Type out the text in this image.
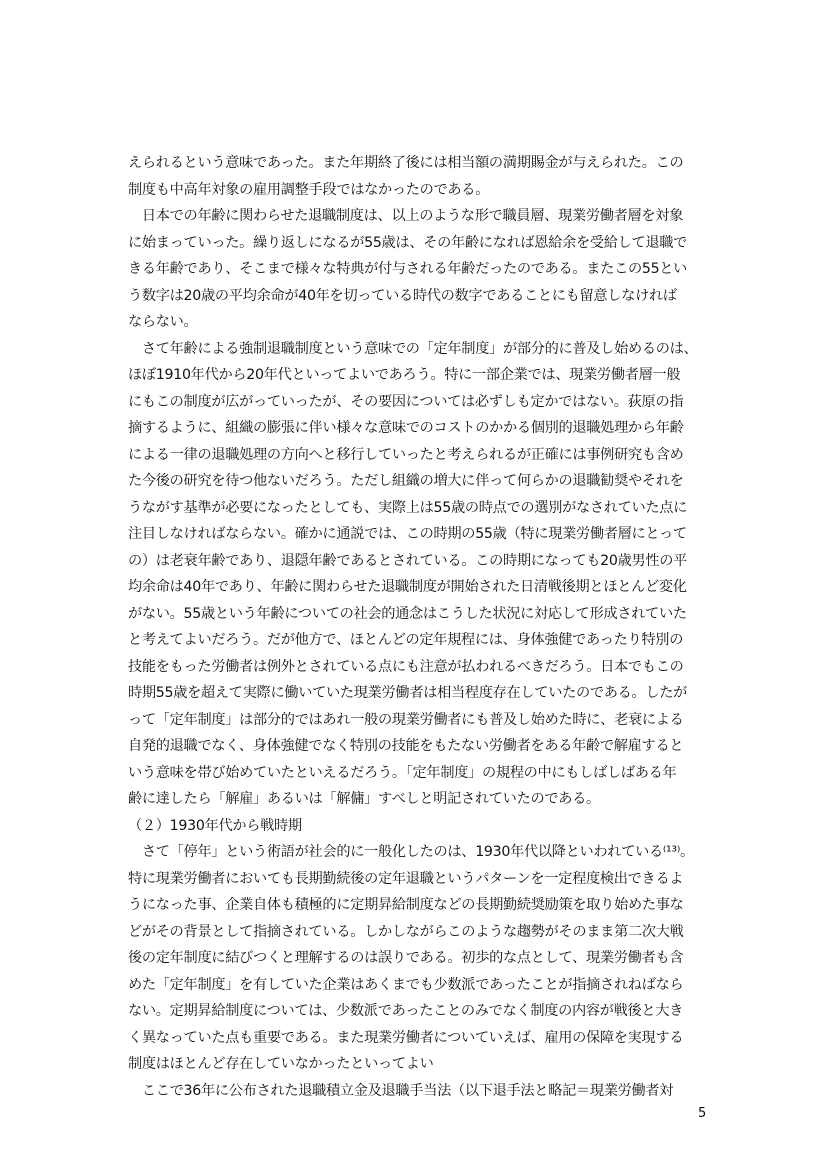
えられるという意味であった。また年期終了後には相当額の満期賜金が与えられた。この
制度も中高年対象の雇用調整手段ではなかったのである。
　日本での年齢に関わらせた退職制度は、以上のような形で職員層、現業労働者層を対象
に始まっていった。繰り返しになるが55歳は、その年齢になれば恩給余を受給して退職で
きる年齢であり、そこまで様々な特典が付与される年齢だったのである。またこの55とい
う数字は20歳の平均余命が40年を切っている時代の数字であることにも留意しなければ
ならない。
　さて年齢による強制退職制度という意味での「定年制度」が部分的に普及し始めるのは、
ほぼ1910年代から20年代といってよいであろう。特に一部企業では、現業労働者層一般
にもこの制度が広がっていったが、その要因については必ずしも定かではない。荻原の指
摘するように、組織の膨張に伴い様々な意味でのコストのかかる個別的退職処理から年齢
による一律の退職処理の方向へと移行していったと考えられるが正確には事例研究も含め
た今後の研究を待つ他ないだろう。ただし組織の増大に伴って何らかの退職勧奨やそれを
うながす基準が必要になったとしても、実際上は55歳の時点での選別がなされていた点に
注目しなければならない。確かに通説では、この時期の55歳（特に現業労働者層にとって
の）は老衰年齢であり、退隠年齢であるとされている。この時期になっても20歳男性の平
均余命は40年であり、年齢に関わらせた退職制度が開始された日清戦後期とほとんど変化
がない。55歳という年齢についての社会的通念はこうした状況に対応して形成されていた
と考えてよいだろう。だが他方で、ほとんどの定年規程には、身体強健であったり特別の
技能をもった労働者は例外とされている点にも注意が払われるべきだろう。日本でもこの
時期55歳を超えて実際に働いていた現業労働者は相当程度存在していたのである。したが
って「定年制度」は部分的ではあれ一般の現業労働者にも普及し始めた時に、老衰による
自発的退職でなく、身体強健でなく特別の技能をもたない労働者をある年齢で解雇すると
いう意味を帯び始めていたといえるだろう。「定年制度」の規程の中にもしばしばある年
齢に達したら「解雇」あるいは「解傭」すべしと明記されていたのである。
（２）1930年代から戦時期
　さて「停年」という術語が社会的に一般化したのは、1930年代以降といわれている⁽¹³⁾。
特に現業労働者においても長期勤続後の定年退職というパターンを一定程度検出できるよ
うになった事、企業自体も積極的に定期昇給制度などの長期勤続奨励策を取り始めた事な
どがその背景として指摘されている。しかしながらこのような趨勢がそのまま第二次大戦
後の定年制度に結びつくと理解するのは誤りである。初歩的な点として、現業労働者も含
めた「定年制度」を有していた企業はあくまでも少数派であったことが指摘されねばなら
ない。定期昇給制度については、少数派であったことのみでなく制度の内容が戦後と大き
く異なっていた点も重要である。また現業労働者についていえば、雇用の保障を実現する
制度はほとんど存在していなかったといってよい
　ここで36年に公布された退職積立金及退職手当法（以下退手法と略記＝現業労働者対
5
